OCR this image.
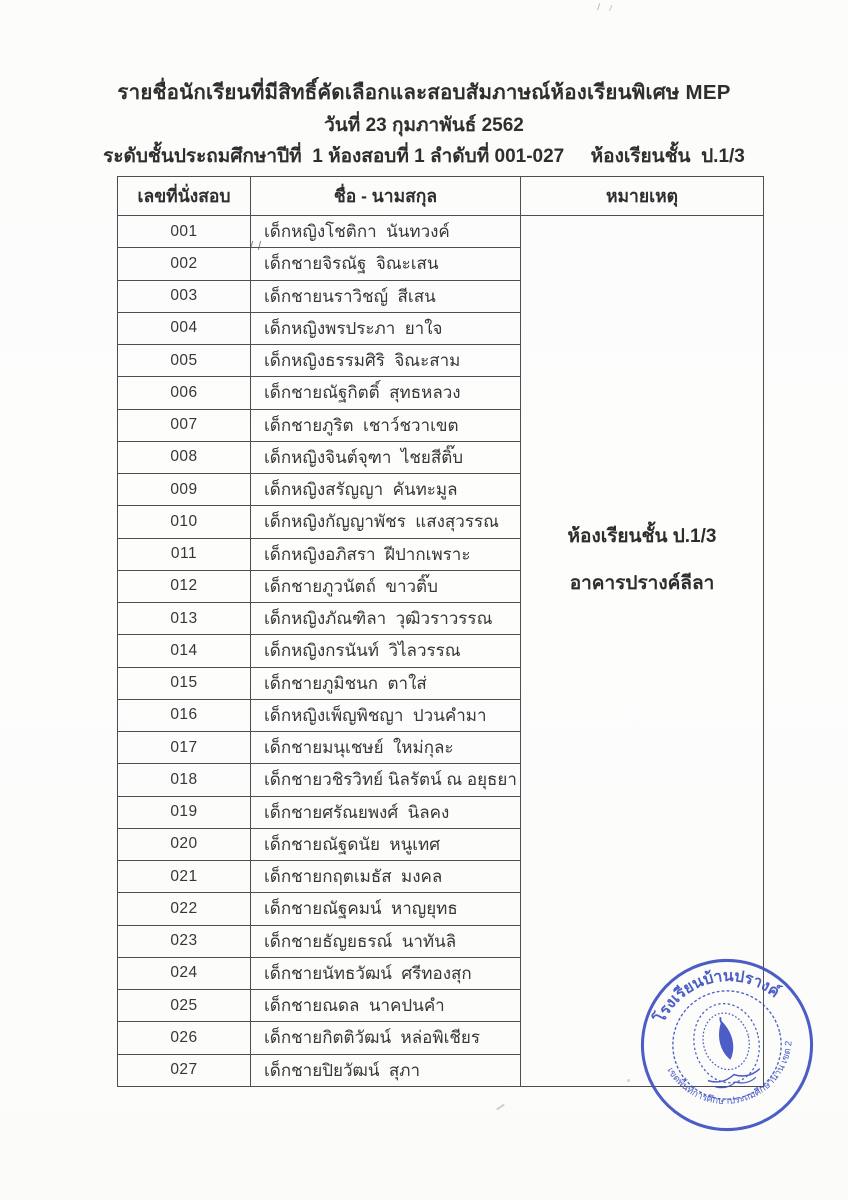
รายชื่อนักเรียนที่มีสิทธิ์คัดเลือกและสอบสัมภาษณ์ห้องเรียนพิเศษ MEP
วันที่ 23 กุมภาพันธ์ 2562
ระดับชั้นประถมศึกษาปีที่  1 ห้องสอบที่ 1 ลำดับที่ 001-027     ห้องเรียนชั้น  ป.1/3
เลขที่นั่งสอบ	ชื่อ - นามสกุล	หมายเหตุ
001	เด็กหญิงโชติกา  นันทวงค์	ห้องเรียนชั้น ป.1/3
อาคารปรางค์ลีลา

002	เด็กชายจิรณัฐ  จิณะเสน	
003	เด็กชายนราวิชญ์  สีเสน	
004	เด็กหญิงพรประภา  ยาใจ	
005	เด็กหญิงธรรมศิริ  จิณะสาม	
006	เด็กชายณัฐกิตติ์  สุทธหลวง	
007	เด็กชายภูริต  เชาว์ชวาเขต	
008	เด็กหญิงจินต์จุฑา  ไชยสีติ๊บ	
009	เด็กหญิงสรัญญา  คันทะมูล	
010	เด็กหญิงกัญญาพัชร  แสงสุวรรณ	
011	เด็กหญิงอภิสรา  ฝีปากเพราะ	
012	เด็กชายภูวนัตถ์  ขาวติ๊บ	
013	เด็กหญิงภัณฑิลา  วุฒิวราวรรณ	
014	เด็กหญิงกรนันท์  วิไลวรรณ	
015	เด็กชายภูมิชนก  ตาใส่	
016	เด็กหญิงเพ็ญพิชญา  ปวนคำมา	
017	เด็กชายมนุเชษย์  ใหม่กุละ	
018	เด็กชายวชิรวิทย์ นิลรัตน์ ณ อยุธยา	
019	เด็กชายศรัณยพงศ์  นิลคง	
020	เด็กชายณัฐดนัย  หนูเทศ	
021	เด็กชายกฤตเมธัส  มงคล	
022	เด็กชายณัฐคมน์  หาญยุทธ	
023	เด็กชายธัญยธรณ์  นาทันลิ	
024	เด็กชายนัทธวัฒน์  ศรีทองสุก	
025	เด็กชายณดล  นาคปนคำ	
026	เด็กชายกิตติวัฒน์  หล่อพิเชียร	
027	เด็กชายปิยวัฒน์  สุภา	
โรงเรียนบ้านปรางค์
เขตพื้นที่การศึกษาประถมศึกษาน่าน เขต 2
